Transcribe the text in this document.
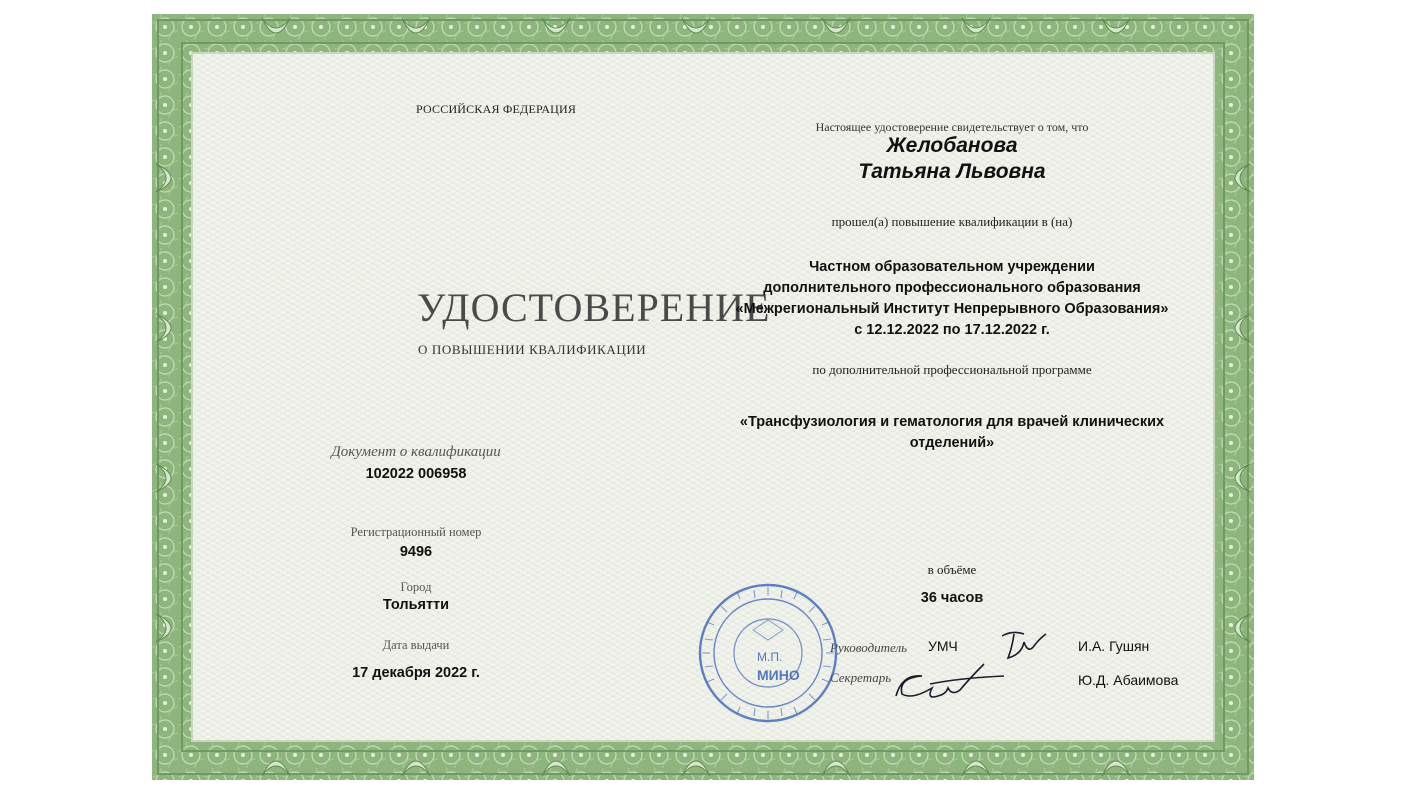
РОССИЙСКАЯ ФЕДЕРАЦИЯ
УДОСТОВЕРЕНИЕ
О ПОВЫШЕНИИ КВАЛИФИКАЦИИ
Документ о квалификации
102022 006958
Регистрационный номер
9496
Город
Тольятти
Дата выдачи
17 декабря 2022 г.
Настоящее удостоверение свидетельствует о том, что
Желобанова
Татьяна Львовна
прошел(а) повышение квалификации в (на)
Частном образовательном учреждении
дополнительного профессионального образования
«Межрегиональный Институт Непрерывного Образования»
с 12.12.2022 по 17.12.2022 г.
по дополнительной профессиональной программе
«Трансфузиология и гематология для врачей клинических
отделений»
в объёме
36 часов
Руководитель УМЧ	И.А. Гушян
Секретарь	Ю.Д. Абаимова
М.П.
МИНО
